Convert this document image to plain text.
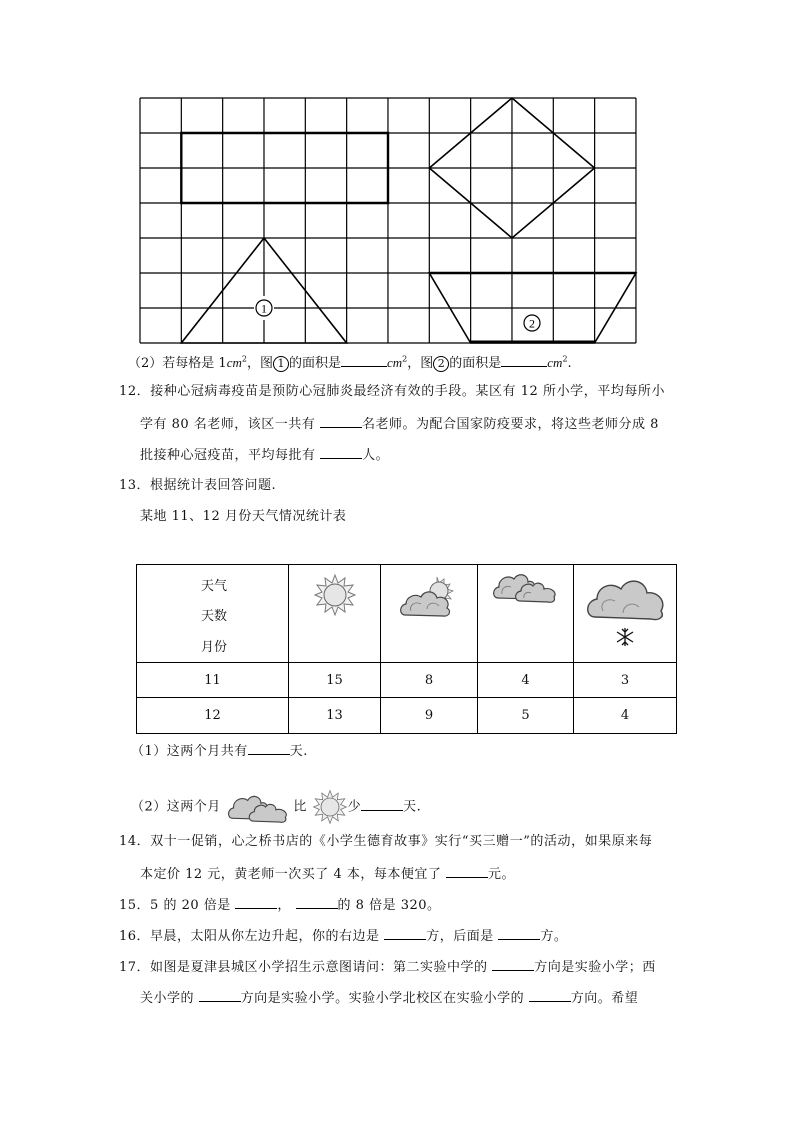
1
2
（2）若每格是 $1cm^2$，图 1 的面积是	$cm^2$，图 2 的面积是	$cm^2$.
12．接种心冠病毒疫苗是预防心冠肺炎最经济有效的手段。某区有 12 所小学，平均每所小
学有 80 名老师，该区一共有	名老师。为配合国家防疫要求，将这些老师分成 8
批接种心冠疫苗，平均每批有	人。
13．根据统计表回答问题.
某地 11、12 月份天气情况统计表
天气
天数
月份

11	15	8	4	3
12	13	9	5	4
（1）这两个月共有	天.
（2）这两个月	比	少	天.
14．双十一促销，心之桥书店的《小学生德育故事》实行“买三赠一”的活动，如果原来每
本定价 12 元，黄老师一次买了 4 本，每本便宜了	元。
15．5 的 20 倍是	，	的 8 倍是 320。
16．早晨，太阳从你左边升起，你的右边是	方，后面是	方。
17．如图是夏津县城区小学招生示意图请问：第二实验中学的	方向是实验小学；西
关小学的	方向是实验小学。实验小学北校区在实验小学的	方向。希望
